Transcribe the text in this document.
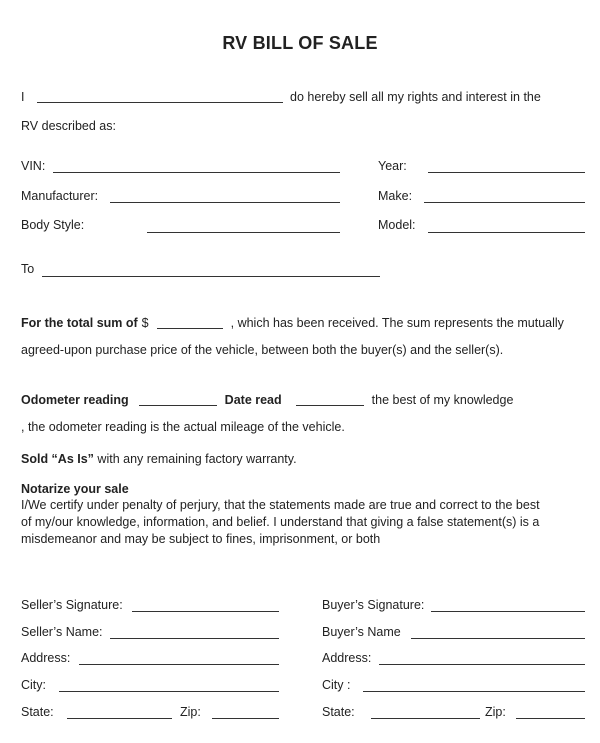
RV BILL OF SALE
I	do hereby sell all my rights and interest in the
RV described as:
VIN:	Year:
Manufacturer:	Make:
Body Style:	Model:
To
For the total sum of $	, which has been received. The sum represents the mutually
agreed-upon purchase price of the vehicle, between both the buyer(s) and the seller(s).
Odometer reading	Date read	the best of my knowledge
, the odometer reading is the actual mileage of the vehicle.
Sold “As Is” with any remaining factory warranty.
Notarize your sale
I/We certify under penalty of perjury, that the statements made are true and correct to the best
of my/our knowledge, information, and belief. I understand that giving a false statement(s) is a
misdemeanor and may be subject to fines, imprisonment, or both
Seller’s Signature:
Seller’s Name:
Address:
City:
State:	Zip:
Buyer’s Signature:
Buyer’s Name
Address:
City :
State:	Zip:
